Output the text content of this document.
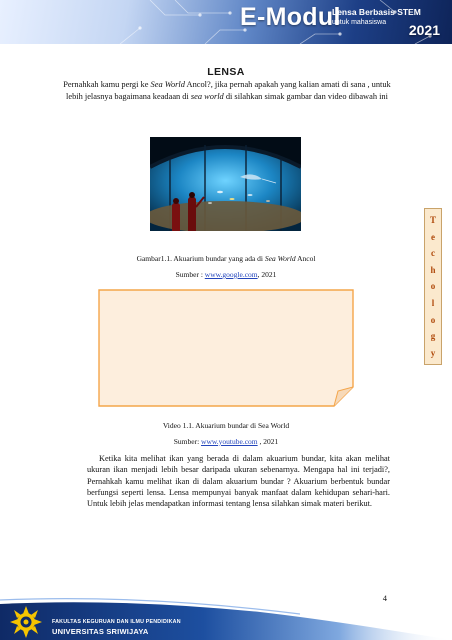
E-Modul
Lensa Berbasis STEM
untuk mahasiswa 2021
LENSA
Pernahkah kamu pergi ke Sea World Ancol?, jika pernah apakah yang kalian amati di sana , untuk lebih jelasnya bagaimana keadaan di sea world di silahkan simak gambar dan video dibawah ini
Gambar1.1. Akuarium bundar yang ada di Sea World Ancol
Sumber : www.google.com, 2021
Video 1.1. Akuarium bundar di Sea World
Sumber: www.youtube.com , 2021
Ketika kita melihat ikan yang berada di dalam akuarium bundar, kita akan melihat ukuran ikan menjadi lebih besar daripada ukuran sebenarnya. Mengapa hal ini terjadi?, Pernahkah kamu melihat ikan di dalam akuarium bundar ? Akuarium berbentuk bundar berfungsi seperti lensa. Lensa mempunyai banyak manfaat dalam kehidupan sehari-hari. Untuk lebih jelas mendapatkan informasi tentang lensa silahkan simak materi berikut.
T
e
c
h
o
l
o
g
y
4
FAKULTAS KEGURUAN DAN ILMU PENDIDIKAN
UNIVERSITAS SRIWIJAYA
